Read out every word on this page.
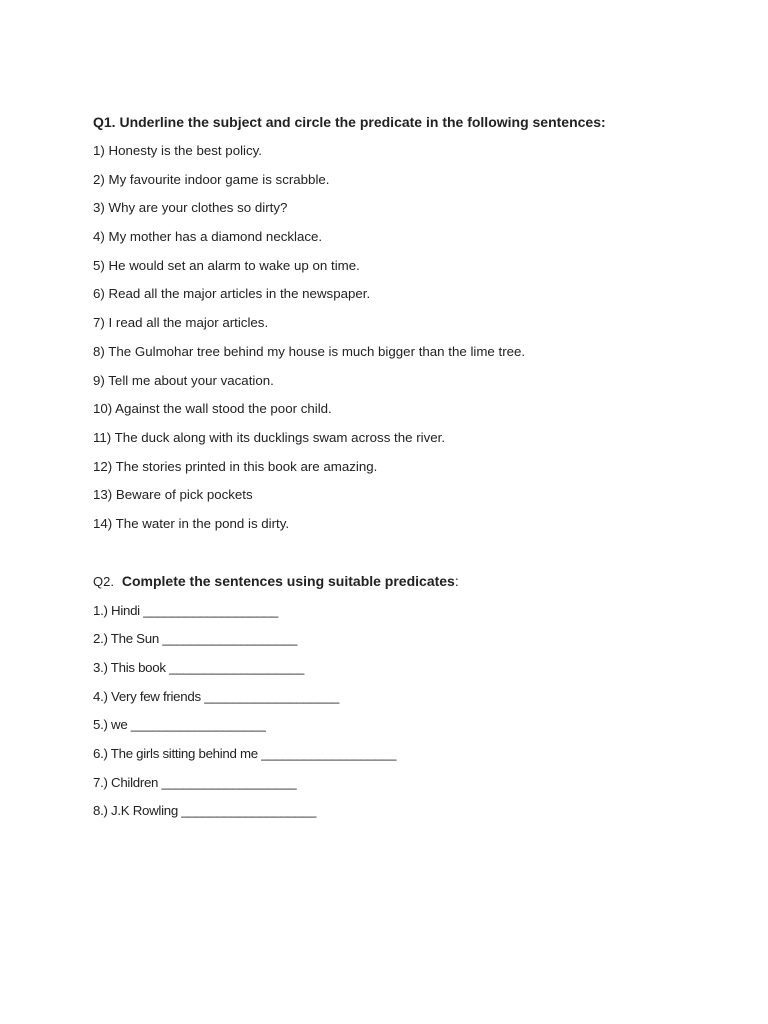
Q1. Underline the subject and circle the predicate in the following sentences:
1) Honesty is the best policy.
2) My favourite indoor game is scrabble.
3) Why are your clothes so dirty?
4) My mother has a diamond necklace.
5) He would set an alarm to wake up on time.
6) Read all the major articles in the newspaper.
7) I read all the major articles.
8) The Gulmohar tree behind my house is much bigger than the lime tree.
9) Tell me about your vacation.
10) Against the wall stood the poor child.
11) The duck along with its ducklings swam across the river.
12) The stories printed in this book are amazing.
13) Beware of pick pockets
14) The water in the pond is dirty.
Q2. Complete the sentences using suitable predicates:
1.) Hindi ___________________
2.) The Sun ___________________
3.) This book ___________________
4.) Very few friends ___________________
5.) we ___________________
6.) The girls sitting behind me ___________________
7.) Children ___________________
8.) J.K Rowling ___________________
